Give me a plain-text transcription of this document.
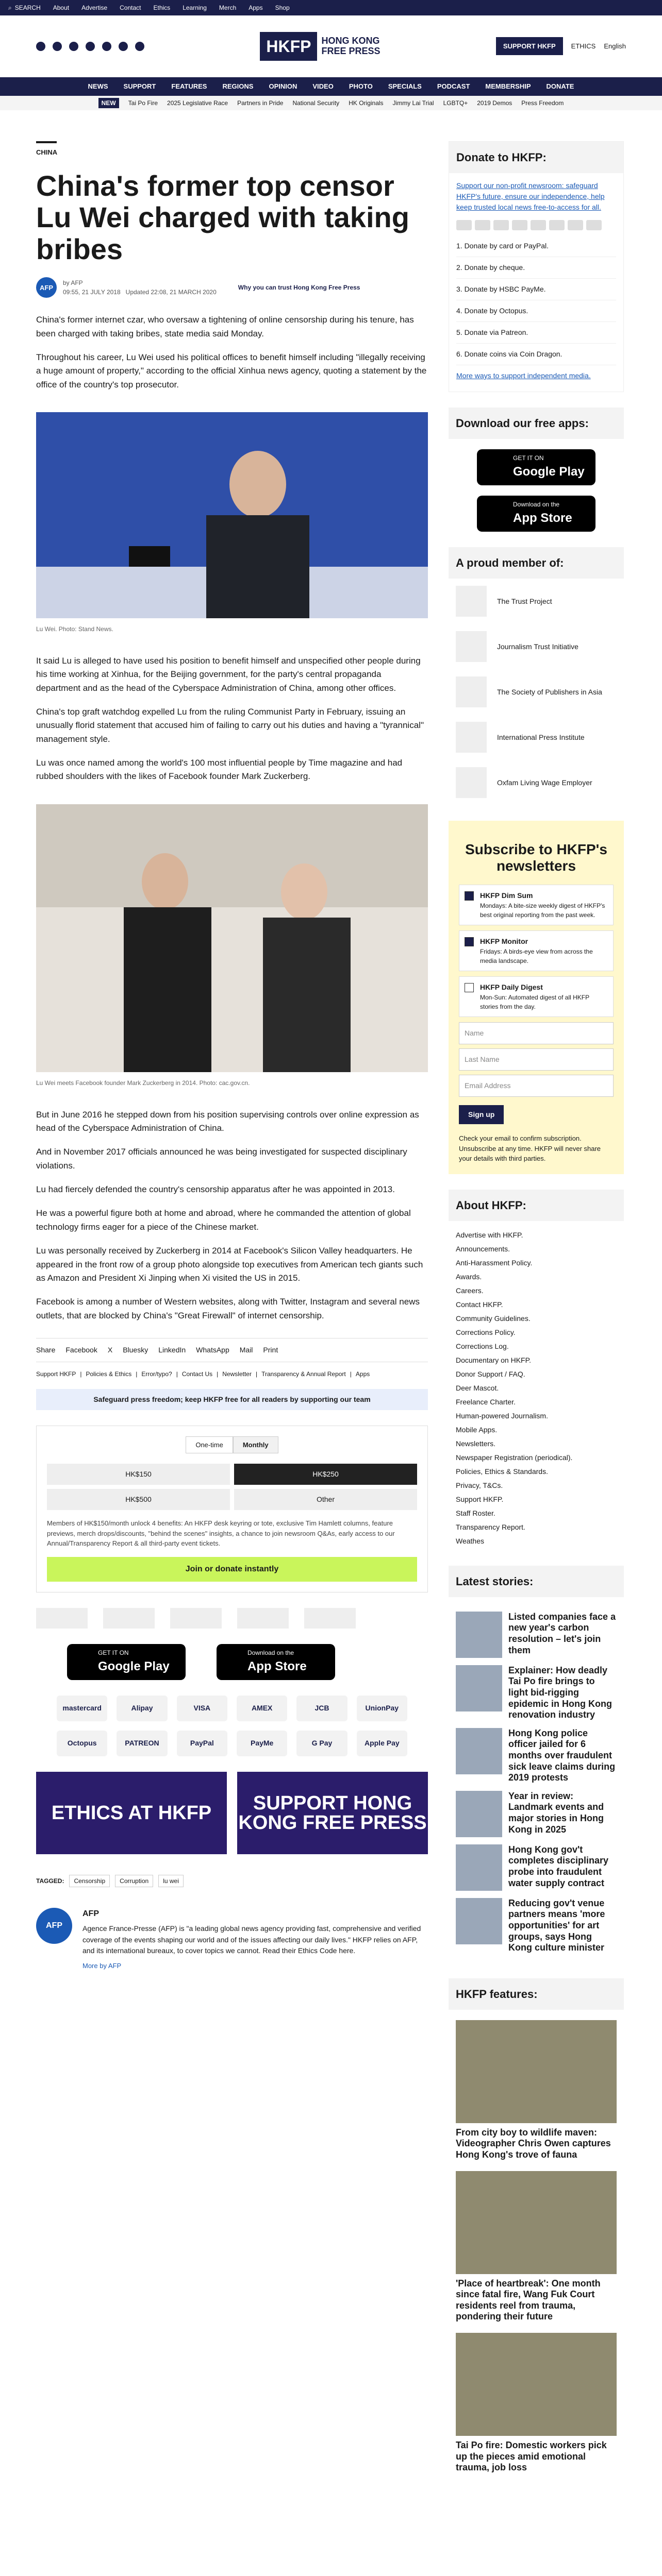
⌕ SEARCH About Advertise Contact Ethics Learning Merch Apps Shop
HKFP	HONG KONG
FREE PRESS	SUPPORT HKFP	ETHICS English
NEWS SUPPORT FEATURES REGIONS OPINION VIDEO PHOTO SPECIALS PODCAST MEMBERSHIP DONATE
NEW	Tai Po Fire 2025 Legislative Race Partners in Pride National Security HK Originals Jimmy Lai Trial LGBTQ+ 2019 Demos Press Freedom
CHINA
China's former top censor Lu Wei charged with taking bribes
AFP
by AFP
09:55, 21 JULY 2018 Updated 22:08, 21 MARCH 2020
Why you can trust Hong Kong Free Press

China's former internet czar, who oversaw a tightening of online censorship during his tenure, has been charged with taking bribes, state media said Monday.

Throughout his career, Lu Wei used his political offices to benefit himself including "illegally receiving a huge amount of property," according to the official Xinhua news agency, quoting a statement by the office of the country's top prosecutor.

Lu Wei. Photo: Stand News.

It said Lu is alleged to have used his position to benefit himself and unspecified other people during his time working at Xinhua, for the Beijing government, for the party's central propaganda department and as the head of the Cyberspace Administration of China, among other offices.

China's top graft watchdog expelled Lu from the ruling Communist Party in February, issuing an unusually florid statement that accused him of failing to carry out his duties and having a "tyrannical" management style.

Lu was once named among the world's 100 most influential people by Time magazine and had rubbed shoulders with the likes of Facebook founder Mark Zuckerberg.

Lu Wei meets Facebook founder Mark Zuckerberg in 2014. Photo: cac.gov.cn.

But in June 2016 he stepped down from his position supervising controls over online expression as head of the Cyberspace Administration of China.

And in November 2017 officials announced he was being investigated for suspected disciplinary violations.

Lu had fiercely defended the country's censorship apparatus after he was appointed in 2013.

He was a powerful figure both at home and abroad, where he commanded the attention of global technology firms eager for a piece of the Chinese market.

Lu was personally received by Zuckerberg in 2014 at Facebook's Silicon Valley headquarters. He appeared in the front row of a group photo alongside top executives from American tech giants such as Amazon and President Xi Jinping when Xi visited the US in 2015.

Facebook is among a number of Western websites, along with Twitter, Instagram and several news outlets, that are blocked by China's "Great Firewall" of internet censorship.

Share Facebook X Bluesky LinkedIn WhatsApp Mail Print
Support HKFP | Policies & Ethics | Error/typo? | Contact Us | Newsletter | Transparency & Annual Report | Apps
Safeguard press freedom; keep HKFP free for all readers by supporting our team
One-time	Monthly
HK$150	HK$250
HK$500	Other
Members of HK$150/month unlock 4 benefits: An HKFP desk keyring or tote, exclusive Tim Hamlett columns, feature previews, merch drops/discounts, "behind the scenes" insights, a chance to join newsroom Q&As, early access to our Annual/Transparency Report & all third-party event tickets.
Join or donate instantly
GET IT ON
Google Play
Download on the
App Store
mastercard	Alipay	VISA	AMEX	JCB	UnionPay
Octopus	PATREON	PayPal	PayMe	G Pay	Apple Pay
ETHICS AT HKFP	SUPPORT HONG KONG FREE PRESS
TAGGED:	Censorship	Corruption	lu wei
AFP
AFP

Agence France-Presse (AFP) is "a leading global news agency providing fast, comprehensive and verified coverage of the events shaping our world and of the issues affecting our daily lives." HKFP relies on AFP, and its international bureaux, to cover topics we cannot. Read their Ethics Code here.

More by AFP
Donate to HKFP:
Support our non-profit newsroom: safeguard HKFP's future, ensure our independence, help keep trusted local news free-to-access for all.
1. Donate by card or PayPal.
2. Donate by cheque.
3. Donate by HSBC PayMe.
4. Donate by Octopus.
5. Donate via Patreon.
6. Donate coins via Coin Dragon.
More ways to support independent media.
Download our free apps:
GET IT ON
Google Play
Download on the
App Store
A proud member of:
The Trust Project
Journalism Trust Initiative
The Society of Publishers in Asia
International Press Institute
Oxfam Living Wage Employer
Subscribe to HKFP's newsletters
HKFP Dim Sum
Mondays: A bite-size weekly digest of HKFP's best original reporting from the past week.
HKFP Monitor
Fridays: A birds-eye view from across the media landscape.
HKFP Daily Digest
Mon-Sun: Automated digest of all HKFP stories from the day.
Name
Last Name
Email Address
Sign up
Check your email to confirm subscription. Unsubscribe at any time. HKFP will never share your details with third parties.
About HKFP:
Advertise with HKFP.
Announcements.
Anti-Harassment Policy.
Awards.
Careers.
Contact HKFP.
Community Guidelines.
Corrections Policy.
Corrections Log.
Documentary on HKFP.
Donor Support / FAQ.
Deer Mascot.
Freelance Charter.
Human-powered Journalism.
Mobile Apps.
Newsletters.
Newspaper Registration (periodical).
Policies, Ethics & Standards.
Privacy, T&Cs.
Support HKFP.
Staff Roster.
Transparency Report.
Weathes
Latest stories:
Listed companies face a new year's carbon resolution – let's join them
Explainer: How deadly Tai Po fire brings to light bid-rigging epidemic in Hong Kong renovation industry
Hong Kong police officer jailed for 6 months over fraudulent sick leave claims during 2019 protests
Year in review: Landmark events and major stories in Hong Kong in 2025
Hong Kong gov't completes disciplinary probe into fraudulent water supply contract
Reducing gov't venue partners means 'more opportunities' for art groups, says Hong Kong culture minister
HKFP features:
From city boy to wildlife maven: Videographer Chris Owen captures Hong Kong's trove of fauna
'Place of heartbreak': One month since fatal fire, Wang Fuk Court residents reel from trauma, pondering their future
Tai Po fire: Domestic workers pick up the pieces amid emotional trauma, job loss
